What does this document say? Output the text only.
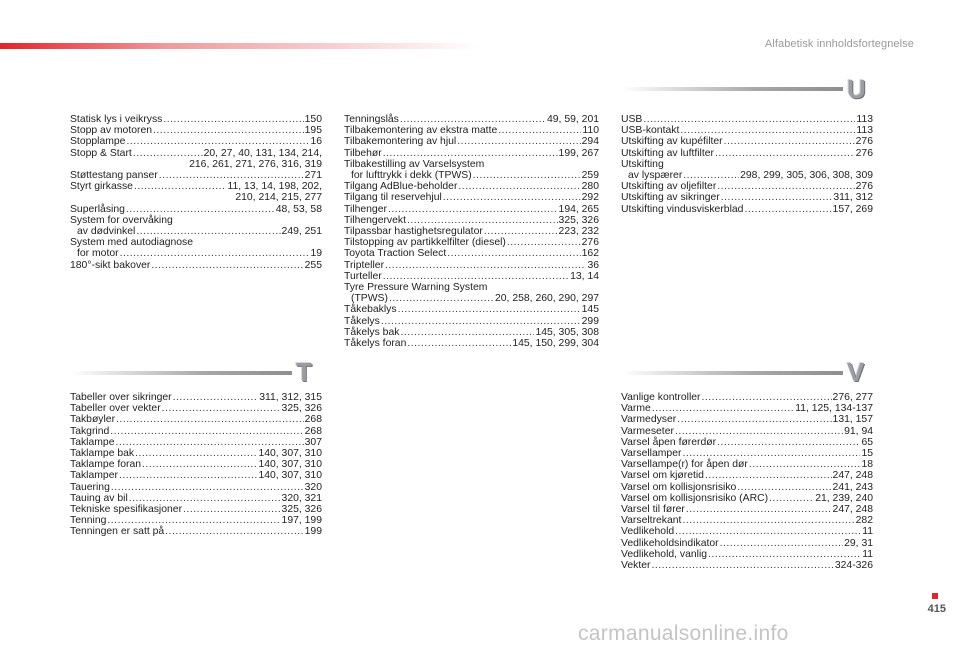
Alfabetisk innholdsfortegnelse
Statisk lys i veikryss .....	150
Stopp av motoren .....	195
Stopplampe .....	16
Stopp & Start .....	20, 27, 40, 131, 134, 214,
216, 261, 271, 276, 316, 319
Støttestang panser .....	271
Styrt girkasse .....	11, 13, 14, 198, 202,
210, 214, 215, 277
Superlåsing .....	48, 53, 58
System for overvåking
av dødvinkel .....	249, 251
System med autodiagnose
for motor .....	19
180°-sikt bakover .....	255
T
Tabeller over sikringer .....	311, 312, 315
Tabeller over vekter .....	325, 326
Takbøyler .....	268
Takgrind .....	268
Taklampe .....	307
Taklampe bak .....	140, 307, 310
Taklampe foran .....	140, 307, 310
Taklamper .....	140, 307, 310
Tauering .....	320
Tauing av bil .....	320, 321
Tekniske spesifikasjoner .....	325, 326
Tenning .....	197, 199
Tenningen er satt på .....	199
Tenningslås .....	49, 59, 201
Tilbakemontering av ekstra matte .....	110
Tilbakemontering av hjul .....	294
Tilbehør .....	199, 267
Tilbakestilling av Varselsystem
for lufttrykk i dekk (TPWS) .....	259
Tilgang AdBlue-beholder .....	280
Tilgang til reservehjul .....	292
Tilhenger .....	194, 265
Tilhengervekt .....	325, 326
Tilpassbar hastighetsregulator .....	223, 232
Tilstopping av partikkelfilter (diesel) .....	276
Toyota Traction Select .....	162
Tripteller .....	36
Turteller .....	13, 14
Tyre Pressure Warning System
(TPWS) .....	20, 258, 260, 290, 297
Tåkebaklys .....	145
Tåkelys .....	299
Tåkelys bak .....	145, 305, 308
Tåkelys foran .....	145, 150, 299, 304
U
USB .....	113
USB-kontakt .....	113
Utskifting av kupéfilter .....	276
Utskifting av luftfilter .....	276
Utskifting
av lyspærer .....	298, 299, 305, 306, 308, 309
Utskifting av oljefilter .....	276
Utskifting av sikringer .....	311, 312
Utskifting vindusviskerblad .....	157, 269
V
Vanlige kontroller .....	276, 277
Varme .....	11, 125, 134-137
Varmedyser .....	131, 157
Varmeseter .....	91, 94
Varsel åpen førerdør .....	65
Varsellamper .....	15
Varsellampe(r) for åpen dør .....	18
Varsel om kjøretid .....	247, 248
Varsel om kollisjonsrisiko .....	241, 243
Varsel om kollisjonsrisiko (ARC) .....	21, 239, 240
Varsel til fører .....	247, 248
Varseltrekant .....	282
Vedlikehold .....	11
Vedlikeholdsindikator .....	29, 31
Vedlikehold, vanlig .....	11
Vekter .....	324-326
415
carmanualsonline.info
